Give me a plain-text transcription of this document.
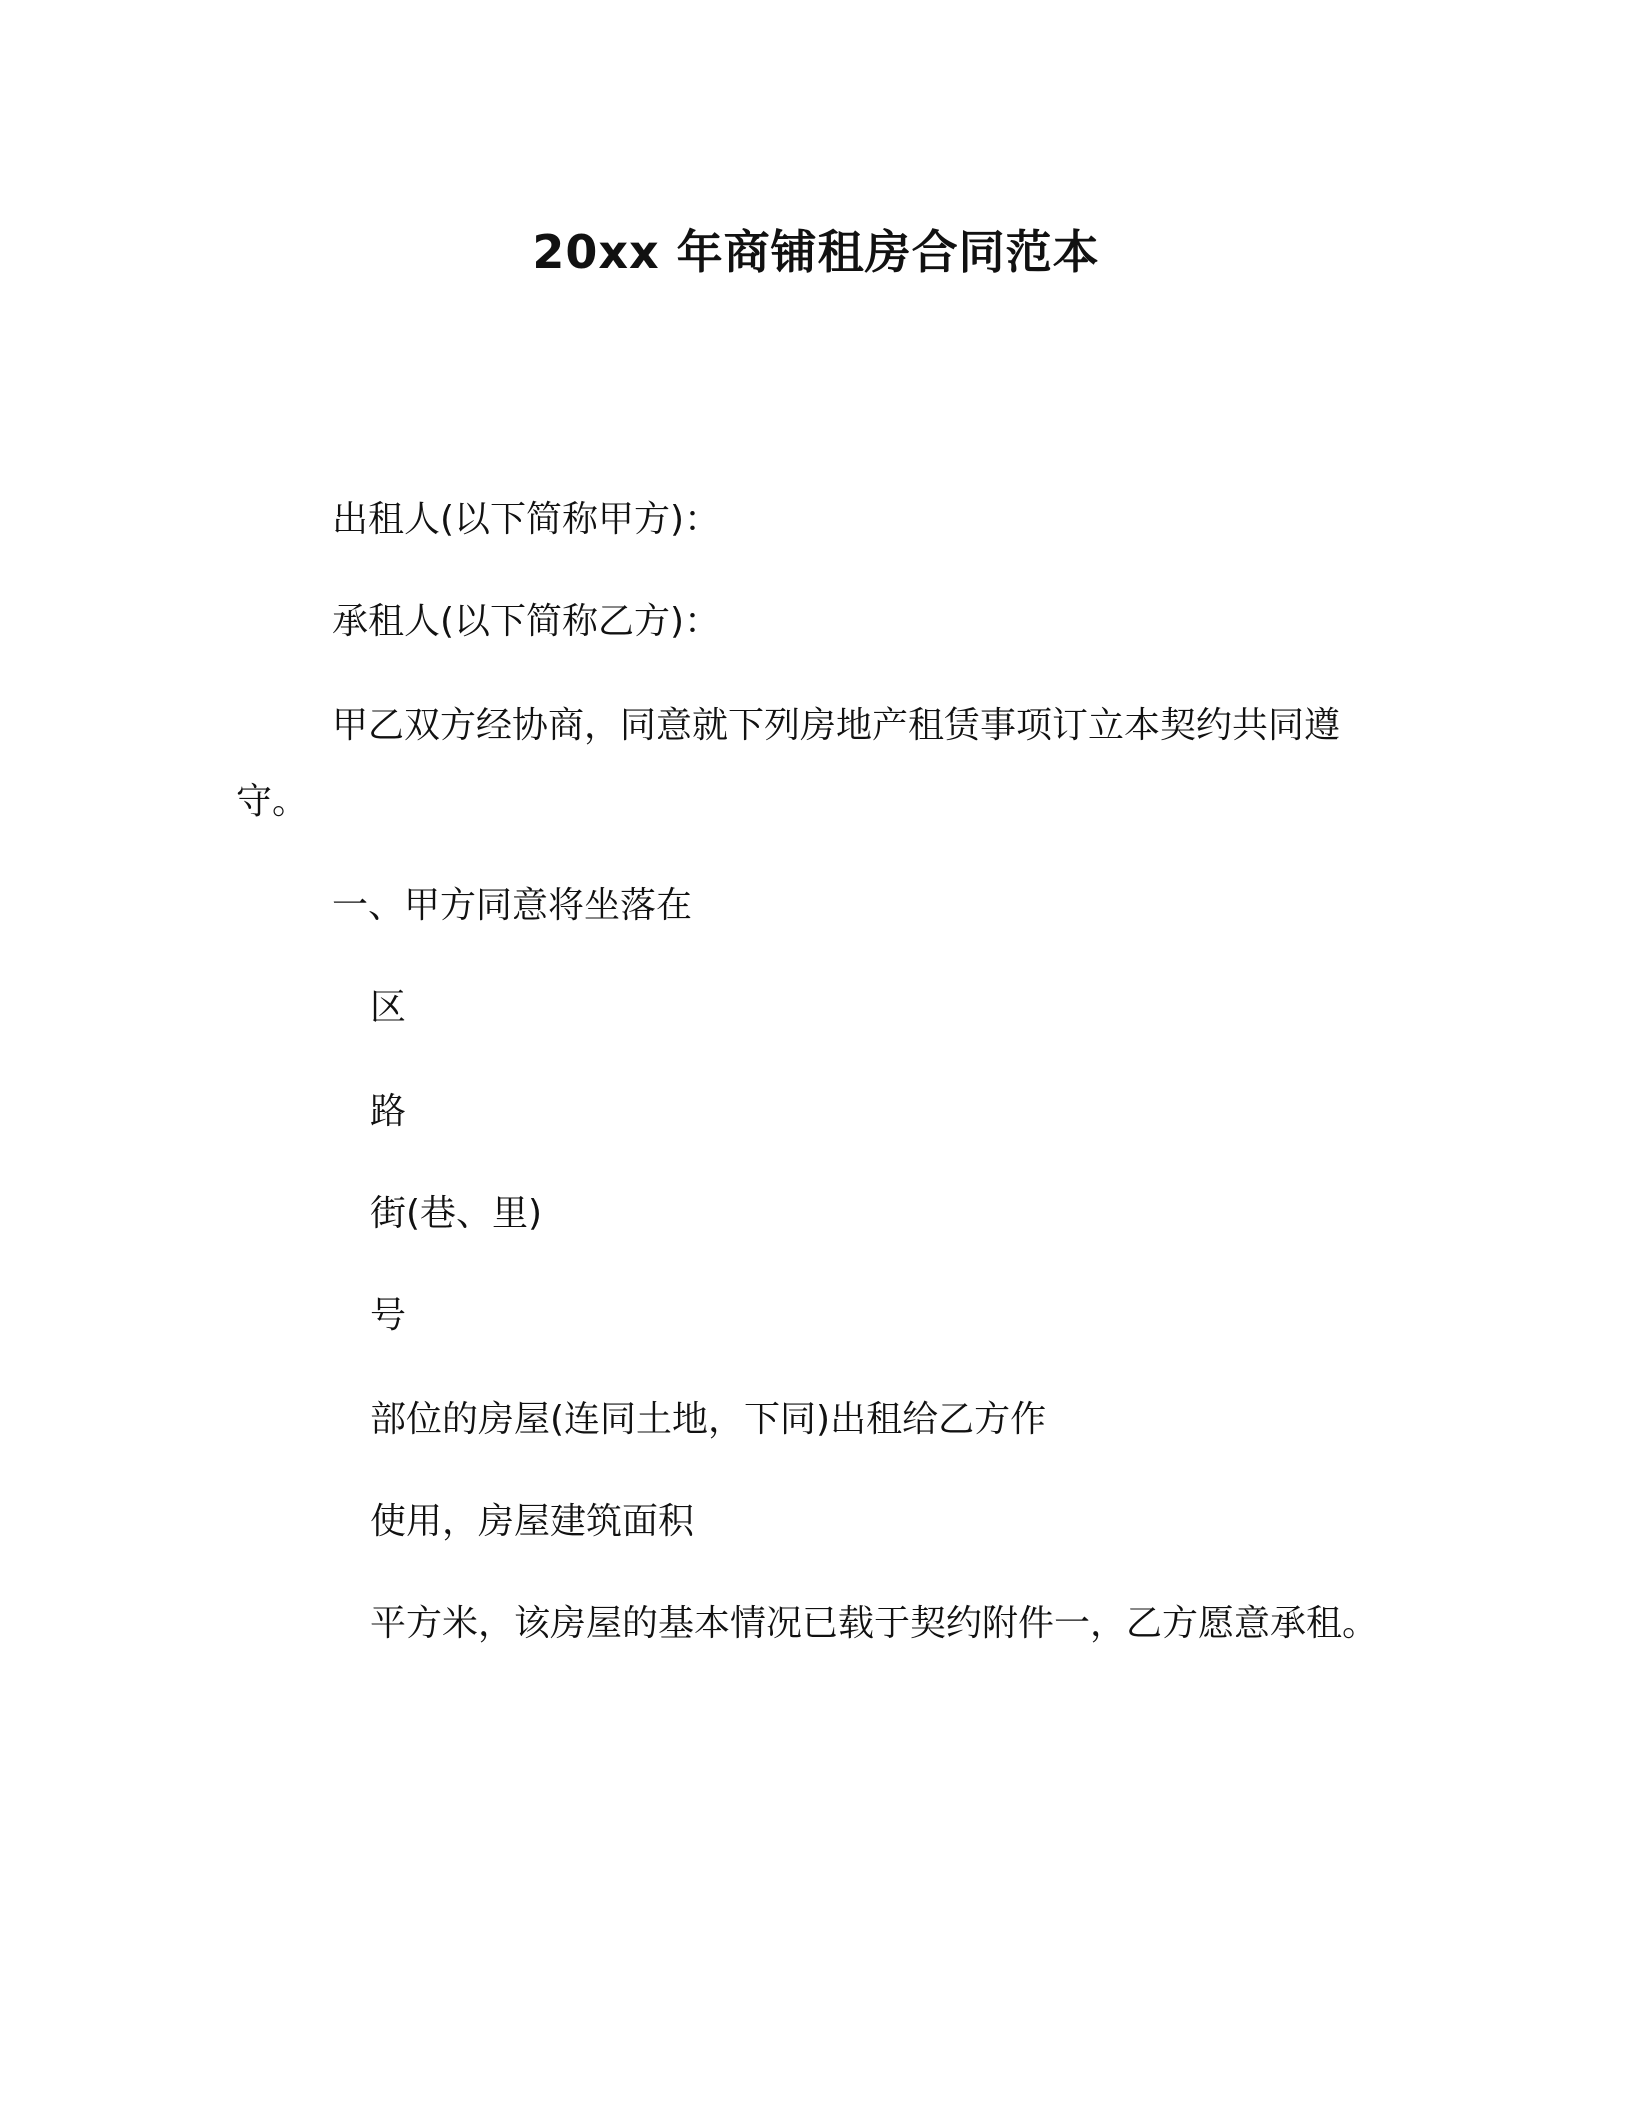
20xx 年商铺租房合同范本
出租人(以下简称甲方)：
承租人(以下简称乙方)：
甲乙双方经协商，同意就下列房地产租赁事项订立本契约共同遵
守。
一、甲方同意将坐落在
区
路
街(巷、里)
号
部位的房屋(连同土地，下同)出租给乙方作
使用，房屋建筑面积
平方米，该房屋的基本情况已载于契约附件一，乙方愿意承租。
